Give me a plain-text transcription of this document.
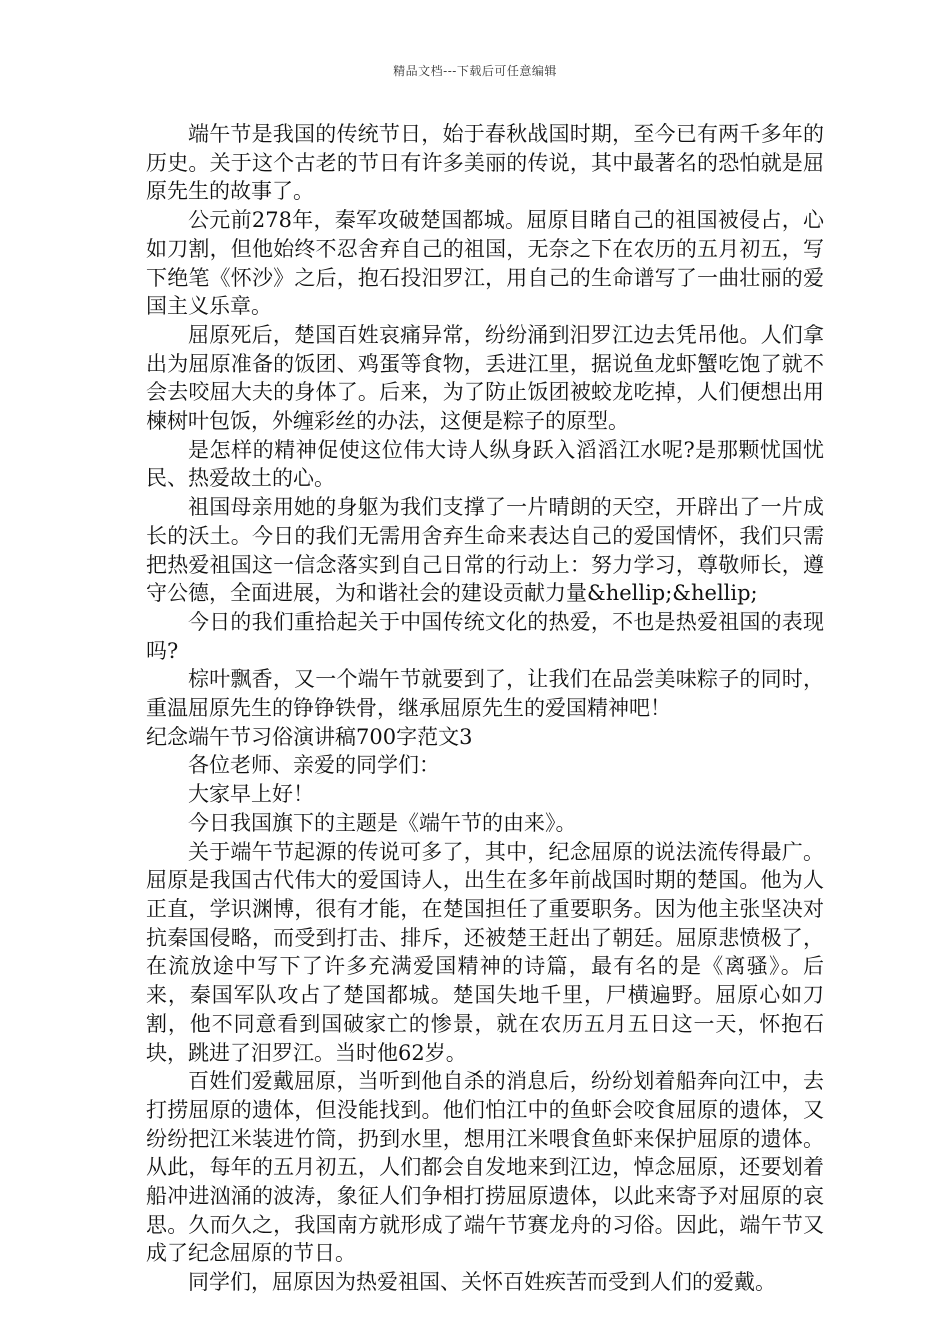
精品文档---下载后可任意编辑

端午节是我国的传统节日，始于春秋战国时期，至今已有两千多年的历史。关于这个古老的节日有许多美丽的传说，其中最著名的恐怕就是屈原先生的故事了。

公元前278年，秦军攻破楚国都城。屈原目睹自己的祖国被侵占，心如刀割，但他始终不忍舍弃自己的祖国，无奈之下在农历的五月初五，写下绝笔《怀沙》之后，抱石投汨罗江，用自己的生命谱写了一曲壮丽的爱国主义乐章。

屈原死后，楚国百姓哀痛异常，纷纷涌到汨罗江边去凭吊他。人们拿出为屈原准备的饭团、鸡蛋等食物，丢进江里，据说鱼龙虾蟹吃饱了就不会去咬屈大夫的身体了。后来，为了防止饭团被蛟龙吃掉，人们便想出用楝树叶包饭，外缠彩丝的办法，这便是粽子的原型。

是怎样的精神促使这位伟大诗人纵身跃入滔滔江水呢?是那颗忧国忧民、热爱故土的心。

祖国母亲用她的身躯为我们支撑了一片晴朗的天空，开辟出了一片成长的沃土。今日的我们无需用舍弃生命来表达自己的爱国情怀，我们只需把热爱祖国这一信念落实到自己日常的行动上：努力学习，尊敬师长，遵守公德，全面进展，为和谐社会的建设贡献力量&hellip;&hellip;

今日的我们重拾起关于中国传统文化的热爱，不也是热爱祖国的表现吗?

棕叶飘香，又一个端午节就要到了，让我们在品尝美味粽子的同时，重温屈原先生的铮铮铁骨，继承屈原先生的爱国精神吧！

纪念端午节习俗演讲稿700字范文3

各位老师、亲爱的同学们：

大家早上好！

今日我国旗下的主题是《端午节的由来》。

关于端午节起源的传说可多了，其中，纪念屈原的说法流传得最广。屈原是我国古代伟大的爱国诗人，出生在多年前战国时期的楚国。他为人正直，学识渊博，很有才能，在楚国担任了重要职务。因为他主张坚决对抗秦国侵略，而受到打击、排斥，还被楚王赶出了朝廷。屈原悲愤极了，在流放途中写下了许多充满爱国精神的诗篇，最有名的是《离骚》。后来，秦国军队攻占了楚国都城。楚国失地千里，尸横遍野。屈原心如刀割，他不同意看到国破家亡的惨景，就在农历五月五日这一天，怀抱石块，跳进了汨罗江。当时他62岁。

百姓们爱戴屈原，当听到他自杀的消息后，纷纷划着船奔向江中，去打捞屈原的遗体，但没能找到。他们怕江中的鱼虾会咬食屈原的遗体，又纷纷把江米装进竹筒，扔到水里，想用江米喂食鱼虾来保护屈原的遗体。从此，每年的五月初五，人们都会自发地来到江边，悼念屈原，还要划着船冲进汹涌的波涛，象征人们争相打捞屈原遗体，以此来寄予对屈原的哀思。久而久之，我国南方就形成了端午节赛龙舟的习俗。因此，端午节又成了纪念屈原的节日。

同学们，屈原因为热爱祖国、关怀百姓疾苦而受到人们的爱戴。
